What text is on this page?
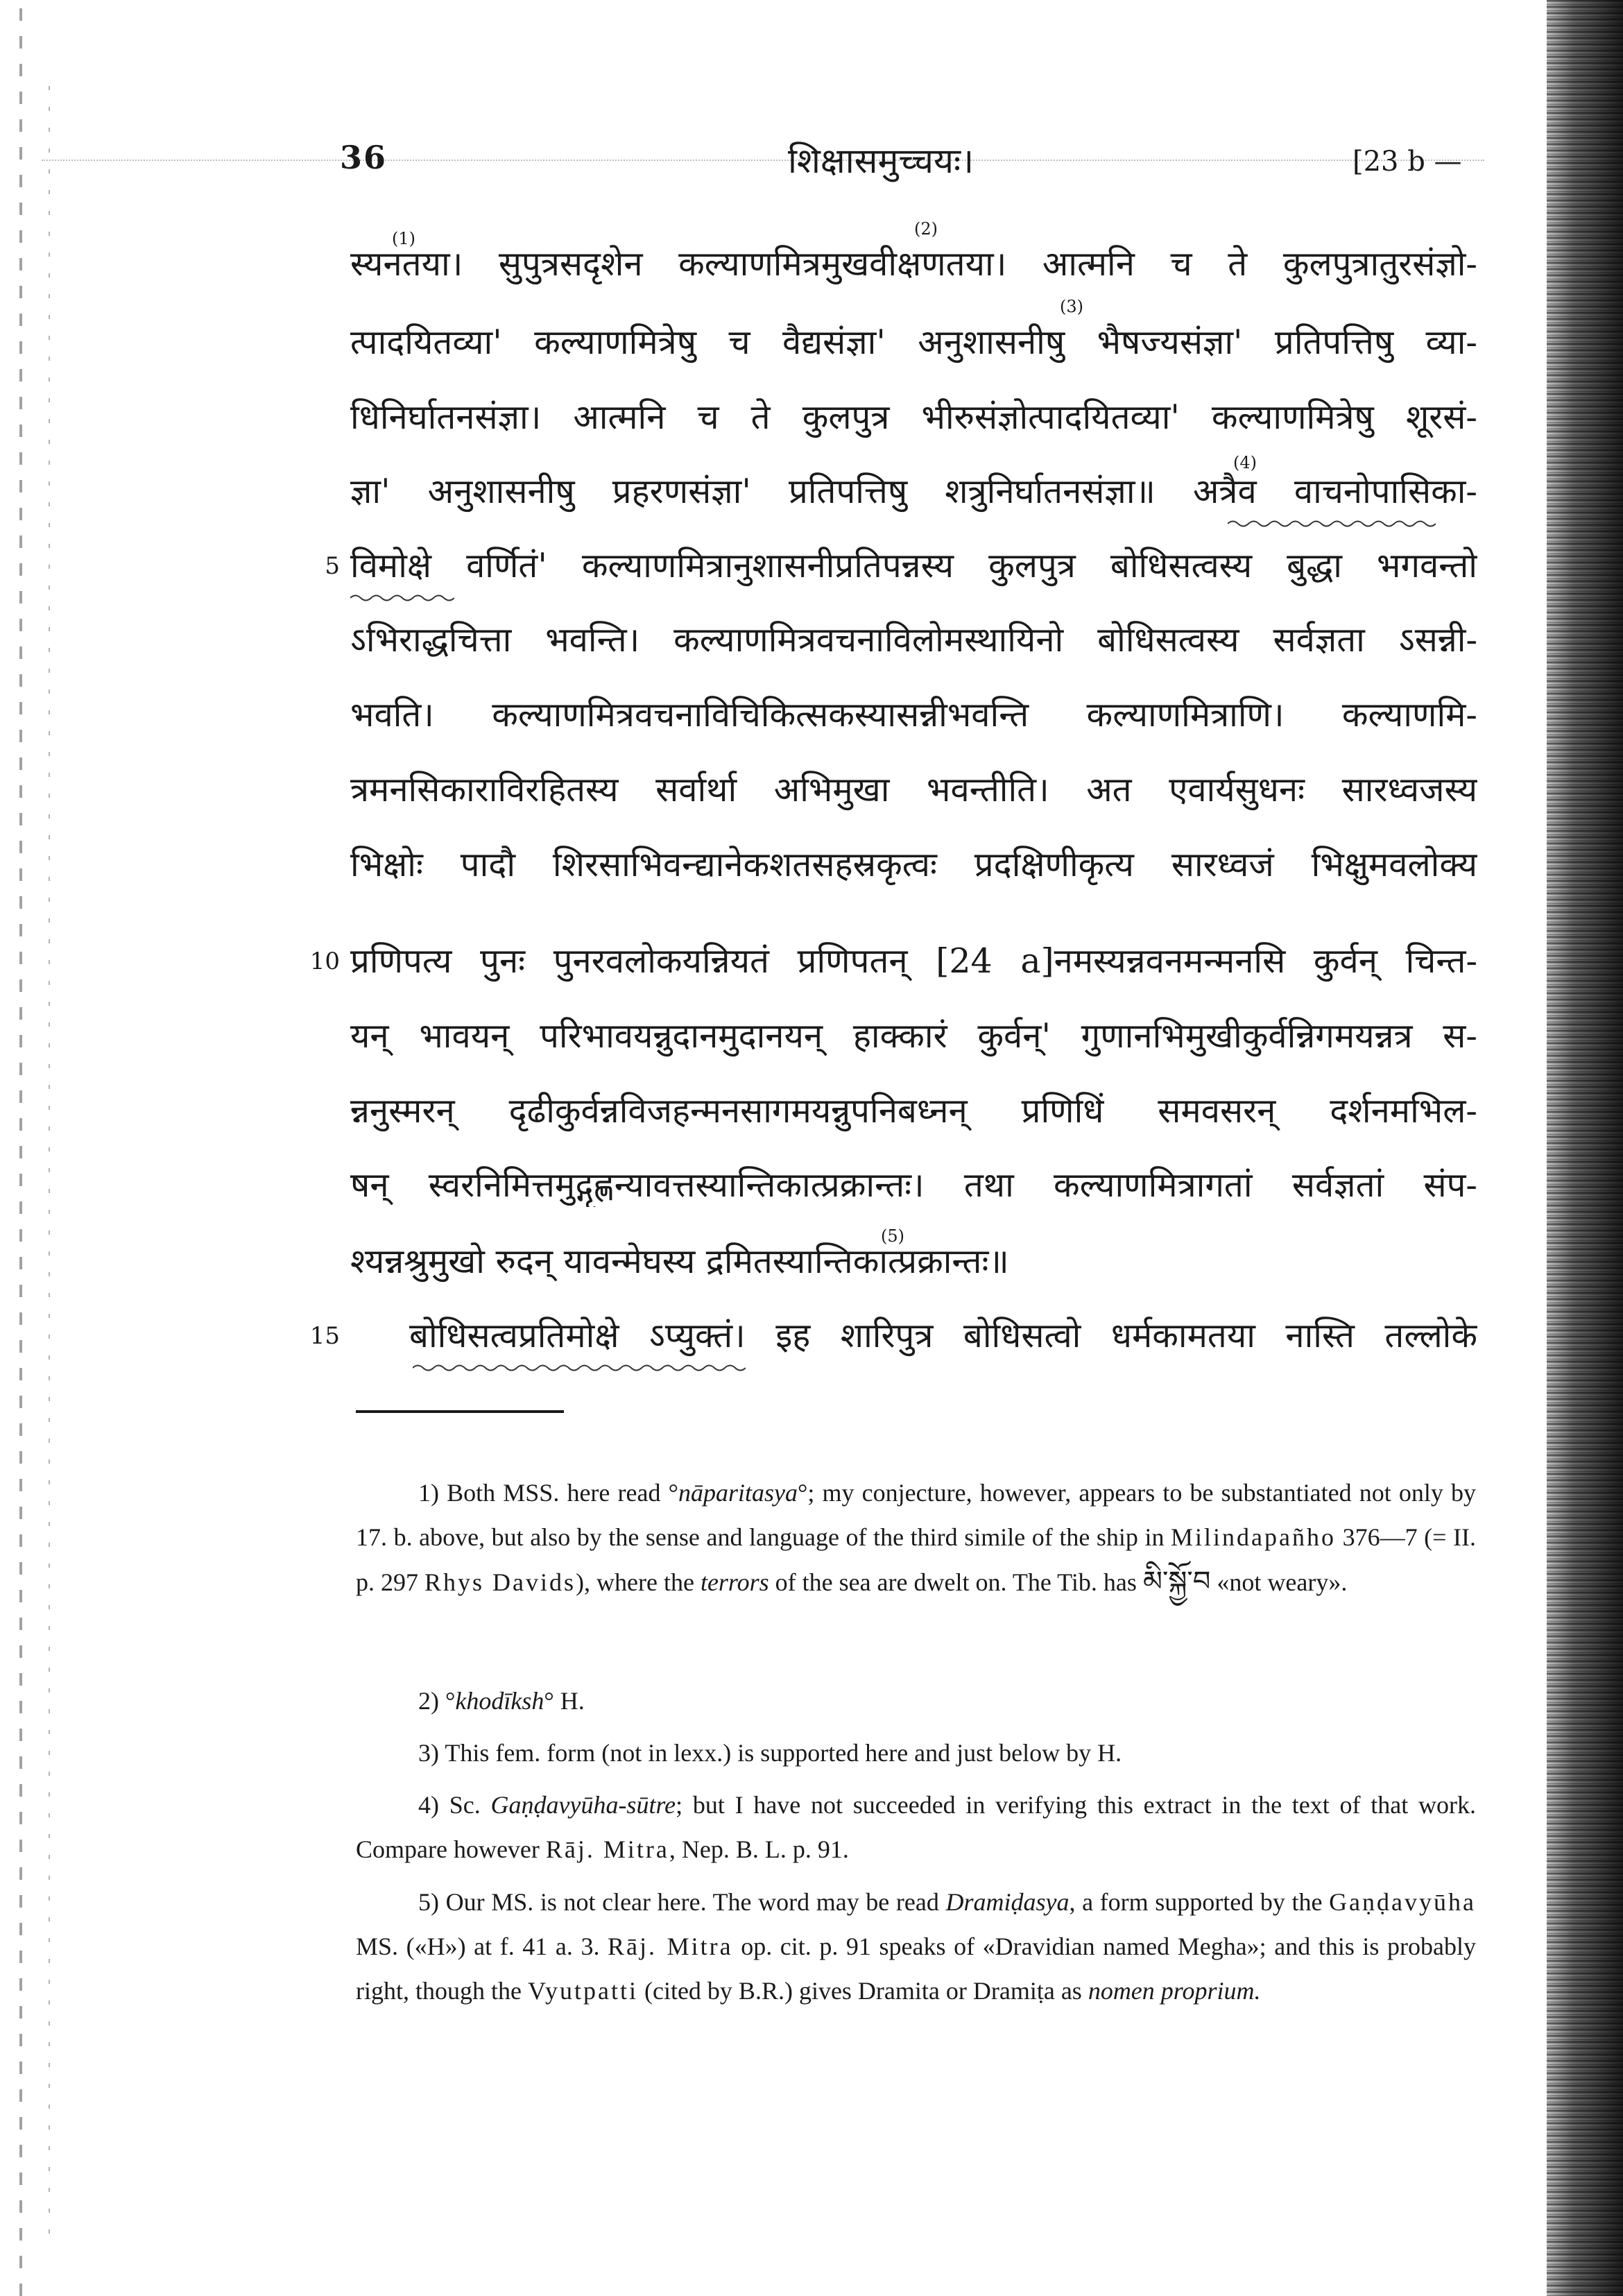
36	शिक्षासमुच्चयः।	[23 b —
(1)	(2)
(3)
(4)
(5)
स्यनतया। सुपुत्रसदृशेन कल्याणमित्रमुखवीक्षणतया। आत्मनि च ते कुलपुत्रातुरसंज्ञो-
त्पादयितव्या' कल्याणमित्रेषु च वैद्यसंज्ञा' अनुशासनीषु भैषज्यसंज्ञा' प्रतिपत्तिषु व्या-
धिनिर्घातनसंज्ञा। आत्मनि च ते कुलपुत्र भीरुसंज्ञोत्पादयितव्या' कल्याणमित्रेषु शूरसं-
ज्ञा' अनुशासनीषु प्रहरणसंज्ञा' प्रतिपत्तिषु शत्रुनिर्घातनसंज्ञा॥ अत्रैव वाचनोपासिका-
5 विमोक्षे वर्णितं' कल्याणमित्रानुशासनीप्रतिपन्नस्य कुलपुत्र बोधिसत्वस्य बुद्धा भगवन्तो
ऽभिराद्धचित्ता भवन्ति। कल्याणमित्रवचनाविलोमस्थायिनो बोधिसत्वस्य सर्वज्ञता ऽसन्नी-
भवति। कल्याणमित्रवचनाविचिकित्सकस्यासन्नीभवन्ति कल्याणमित्राणि। कल्याणमि-
त्रमनसिकाराविरहितस्य सर्वार्था अभिमुखा भवन्तीति। अत एवार्यसुधनः सारध्वजस्य
भिक्षोः पादौ शिरसाभिवन्द्यानेकशतसहस्रकृत्वः प्रदक्षिणीकृत्य सारध्वजं भिक्षुमवलोक्य
10 प्रणिपत्य पुनः पुनरवलोकयन्नियतं प्रणिपतन् [24 a]नमस्यन्नवनमन्मनसि कुर्वन् चिन्त-
यन् भावयन् परिभावयन्नुदानमुदानयन् हाक्कारं कुर्वन्' गुणानभिमुखीकुर्वन्निगमयन्नत्र स-
न्ननुस्मरन् दृढीकुर्वन्नविजहन्मनसागमयन्नुपनिबध्नन् प्रणिधिं समवसरन् दर्शनमभिल-
षन् स्वरनिमित्तमुद्गृह्णन्यावत्तस्यान्तिकात्प्रक्रान्तः। तथा कल्याणमित्रागतां सर्वज्ञतां संप-
श्यन्नश्रुमुखो रुदन् यावन्मेघस्य द्रमितस्यान्तिकात्प्रक्रान्तः॥
15 बोधिसत्वप्रतिमोक्षे ऽप्युक्तं। इह शारिपुत्र बोधिसत्वो धर्मकामतया नास्ति तल्लोके

1) Both MSS. here read °nāparitasya°; my conjecture, however, appears to be substantiated not only by 17. b. above, but also by the sense and language of the third simile of the ship in Milindapañho 376—7 (= II. p. 297 Rhys Davids), where the terrors of the sea are dwelt on. The Tib. has མི་སྐྱོ་བ «not weary».

2) °khodīksh° H.

3) This fem. form (not in lexx.) is supported here and just below by H.

4) Sc. Gaṇḍavyūha-sūtre; but I have not succeeded in verifying this extract in the text of that work. Compare however Rāj. Mitra, Nep. B. L. p. 91.

5) Our MS. is not clear here. The word may be read Dramiḍasya, a form supported by the Gaṇḍavyūha MS. («H») at f. 41 a. 3. Rāj. Mitra op. cit. p. 91 speaks of «Dravidian named Megha»; and this is probably right, though the Vyutpatti (cited by B.R.) gives Dramita or Dramiṭa as nomen proprium.
